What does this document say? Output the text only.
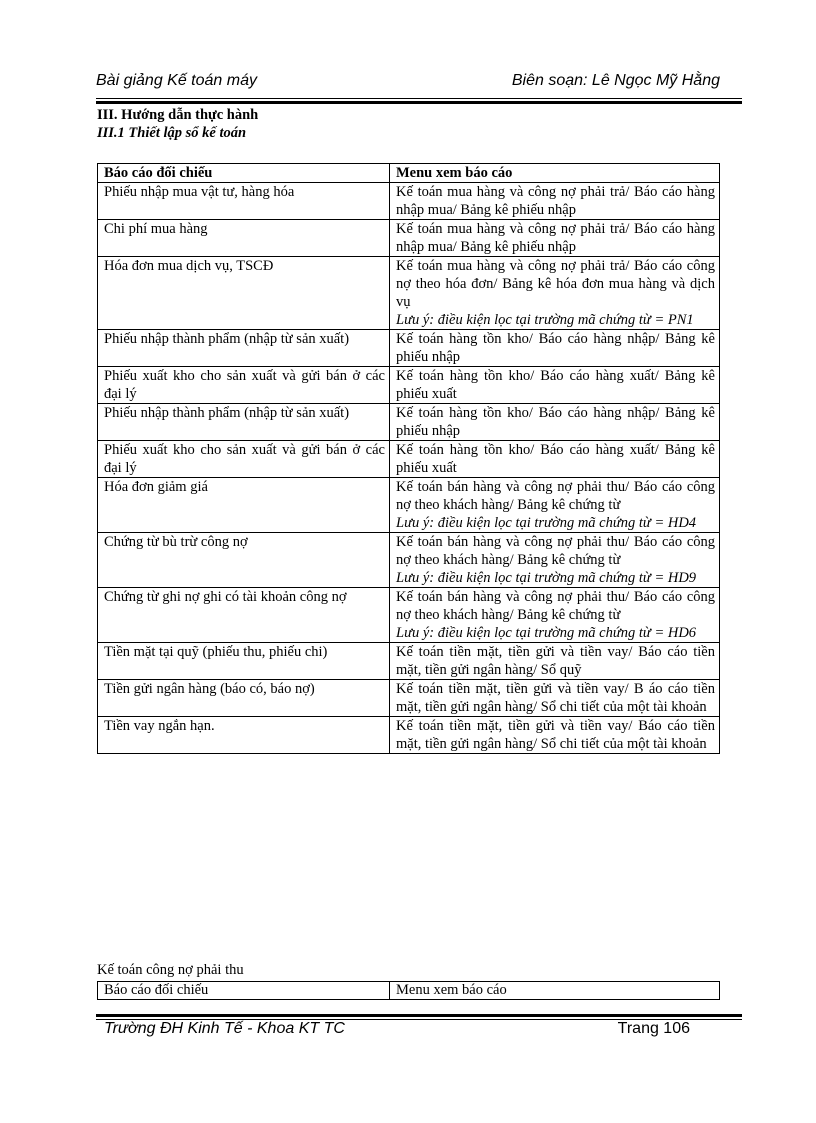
Bài giảng Kế toán máy	Biên soạn: Lê Ngọc Mỹ Hằng
III. Hướng dẫn thực hành
III.1 Thiết lập sổ kế toán
Báo cáo đối chiếu	Menu xem báo cáo
Phiếu nhập mua vật tư, hàng hóa	Kế toán mua hàng và công nợ phải trả/ Báo cáo hàng nhập mua/ Bảng kê phiếu nhập
Chi phí mua hàng	Kế toán mua hàng và công nợ phải trả/ Báo cáo hàng nhập mua/ Bảng kê phiếu nhập
Hóa đơn mua dịch vụ, TSCĐ	Kế toán mua hàng và công nợ phải trả/ Báo cáo công nợ theo hóa đơn/ Bảng kê hóa đơn mua hàng và dịch vụ
Lưu ý: điều kiện lọc tại trường mã chứng từ = PN1

Phiếu nhập thành phẩm (nhập từ sản xuất)	Kế toán hàng tồn kho/ Báo cáo hàng nhập/ Bảng kê phiếu nhập
Phiếu xuất kho cho sản xuất và gửi bán ở các đại lý	Kế toán hàng tồn kho/ Báo cáo hàng xuất/ Bảng kê phiếu xuất
Phiếu nhập thành phẩm (nhập từ sản xuất)	Kế toán hàng tồn kho/ Báo cáo hàng nhập/ Bảng kê phiếu nhập
Phiếu xuất kho cho sản xuất và gửi bán ở các đại lý	Kế toán hàng tồn kho/ Báo cáo hàng xuất/ Bảng kê phiếu xuất
Hóa đơn giảm giá	Kế toán bán hàng và công nợ phải thu/ Báo cáo công nợ theo khách hàng/ Bảng kê chứng từ
Lưu ý: điều kiện lọc tại trường mã chứng từ = HD4

Chứng từ bù trừ công nợ	Kế toán bán hàng và công nợ phải thu/ Báo cáo công nợ theo khách hàng/ Bảng kê chứng từ
Lưu ý: điều kiện lọc tại trường mã chứng từ = HD9

Chứng từ ghi nợ ghi có tài khoản công nợ	Kế toán bán hàng và công nợ phải thu/ Báo cáo công nợ theo khách hàng/ Bảng kê chứng từ
Lưu ý: điều kiện lọc tại trường mã chứng từ = HD6

Tiền mặt tại quỹ (phiếu thu, phiếu chi)	Kế toán tiền mặt, tiền gửi và tiền vay/ Báo cáo tiền mặt, tiền gửi ngân hàng/ Sổ quỹ
Tiền gửi ngân hàng (báo có, báo nợ)	Kế toán tiền mặt, tiền gửi và tiền vay/ B áo cáo tiền mặt, tiền gửi ngân hàng/ Sổ chi tiết của một tài khoản
Tiền vay ngắn hạn.	Kế toán tiền mặt, tiền gửi và tiền vay/ Báo cáo tiền mặt, tiền gửi ngân hàng/ Sổ chi tiết của một tài khoản
Kế toán công nợ phải thu
Báo cáo đối chiếu	Menu xem báo cáo
Trường ĐH Kinh Tế - Khoa KT TC	Trang 106
